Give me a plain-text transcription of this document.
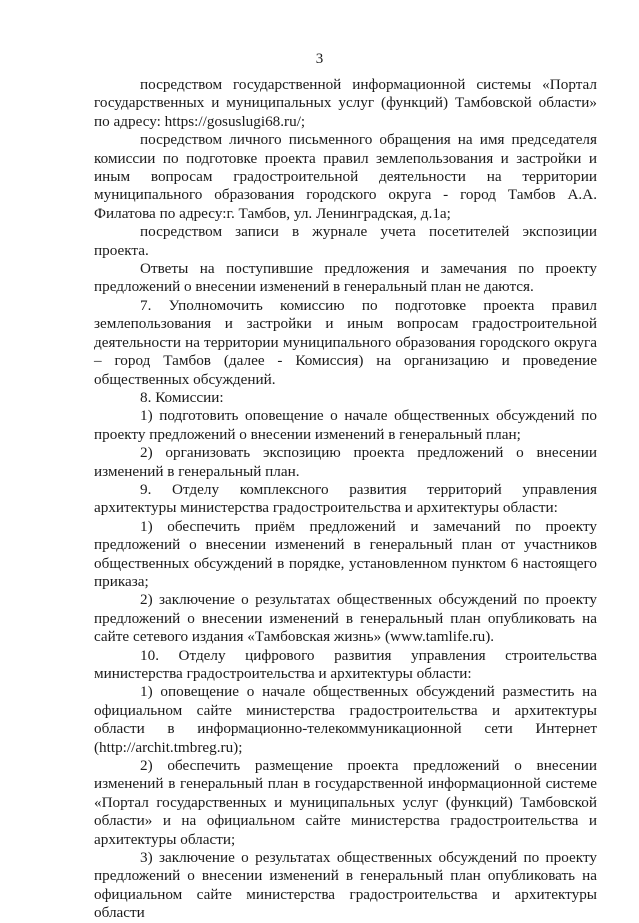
3

посредством государственной информационной системы «Портал государственных и муниципальных услуг (функций) Тамбовской области» по адресу: https://gosuslugi68.ru/;

посредством личного письменного обращения на имя председателя комиссии по подготовке проекта правил землепользования и застройки и иным вопросам градостроительной деятельности на территории муниципального образования городского округа - город Тамбов А.А. Филатова по адресу:г. Тамбов, ул. Ленинградская, д.1а;

посредством записи в журнале учета посетителей экспозиции проекта.

Ответы на поступившие предложения и замечания по проекту предложений о внесении изменений в генеральный план не даются.

7. Уполномочить комиссию по подготовке проекта правил землепользования и застройки и иным вопросам градостроительной деятельности на территории муниципального образования городского округа – город Тамбов (далее - Комиссия) на организацию и проведение общественных обсуждений.

8. Комиссии:

1) подготовить оповещение о начале общественных обсуждений по проекту предложений о внесении изменений в генеральный план;

2) организовать экспозицию проекта предложений о внесении изменений в генеральный план.

9. Отделу комплексного развития территорий управления архитектуры министерства градостроительства и архитектуры области:

1) обеспечить приём предложений и замечаний по проекту предложений о внесении изменений в генеральный план от участников общественных обсуждений в порядке, установленном пунктом 6 настоящего приказа;

2) заключение о результатах общественных обсуждений по проекту предложений о внесении изменений в генеральный план опубликовать на сайте сетевого издания «Тамбовская жизнь» (www.tamlife.ru).

10. Отделу цифрового развития управления строительства министерства градостроительства и архитектуры области:

1) оповещение о начале общественных обсуждений разместить на официальном сайте министерства градостроительства и архитектуры области в информационно-телекоммуникационной сети Интернет (http://archit.tmbreg.ru);

2) обеспечить размещение проекта предложений о внесении изменений в генеральный план в государственной информационной системе «Портал государственных и муниципальных услуг (функций) Тамбовской области» и на официальном сайте министерства градостроительства и архитектуры области;

3) заключение о результатах общественных обсуждений по проекту предложений о внесении изменений в генеральный план опубликовать на официальном сайте министерства градостроительства и архитектуры области
